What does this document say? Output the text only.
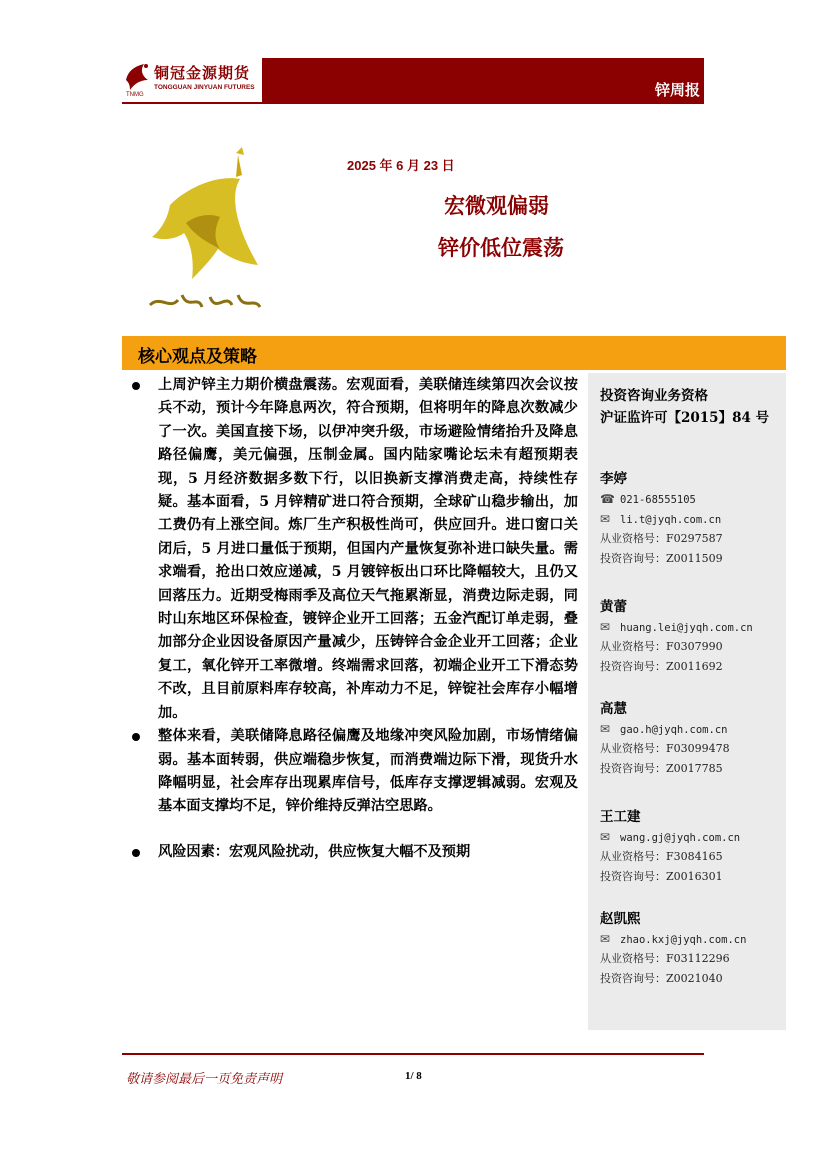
铜冠金源期货
TONGGUAN JINYUAN FUTURES
TNMG	锌周报
2025 年 6 月 23 日
宏微观偏弱
锌价低位震荡
核心观点及策略
上周沪锌主力期价横盘震荡。宏观面看，美联储连续第四次会议按兵不动，预计今年降息两次，符合预期，但将明年的降息次数减少了一次。美国直接下场，以伊冲突升级，市场避险情绪抬升及降息路径偏鹰，美元偏强，压制金属。国内陆家嘴论坛未有超预期表现，5 月经济数据多数下行，以旧换新支撑消费走高，持续性存疑。基本面看，5 月锌精矿进口符合预期，全球矿山稳步输出，加工费仍有上涨空间。炼厂生产积极性尚可，供应回升。进口窗口关闭后，5 月进口量低于预期，但国内产量恢复弥补进口缺失量。需求端看，抢出口效应递减，5 月镀锌板出口环比降幅较大，且仍又回落压力。近期受梅雨季及高位天气拖累渐显，消费边际走弱，同时山东地区环保检查，镀锌企业开工回落；五金汽配订单走弱，叠加部分企业因设备原因产量减少，压铸锌合金企业开工回落；企业复工，氧化锌开工率微增。终端需求回落，初端企业开工下滑态势不改，且目前原料库存较高，补库动力不足，锌锭社会库存小幅增加。
整体来看，美联储降息路径偏鹰及地缘冲突风险加剧，市场情绪偏弱。基本面转弱，供应端稳步恢复，而消费端边际下滑，现货升水降幅明显，社会库存出现累库信号，低库存支撑逻辑减弱。宏观及基本面支撑均不足，锌价维持反弹沽空思路。
风险因素：宏观风险扰动，供应恢复大幅不及预期
投资咨询业务资格
沪证监许可【2015】84 号
李婷
☎ 021-68555105
✉ li.t@jyqh.com.cn
从业资格号：F0297587
投资咨询号：Z0011509
黄蕾
✉ huang.lei@jyqh.com.cn
从业资格号：F0307990
投资咨询号：Z0011692
高慧
✉ gao.h@jyqh.com.cn
从业资格号：F03099478
投资咨询号：Z0017785
王工建
✉ wang.gj@jyqh.com.cn
从业资格号：F3084165
投资咨询号：Z0016301
赵凯熙
✉ zhao.kxj@jyqh.com.cn
从业资格号：F03112296
投资咨询号：Z0021040
敬请参阅最后一页免责声明	1/ 8
